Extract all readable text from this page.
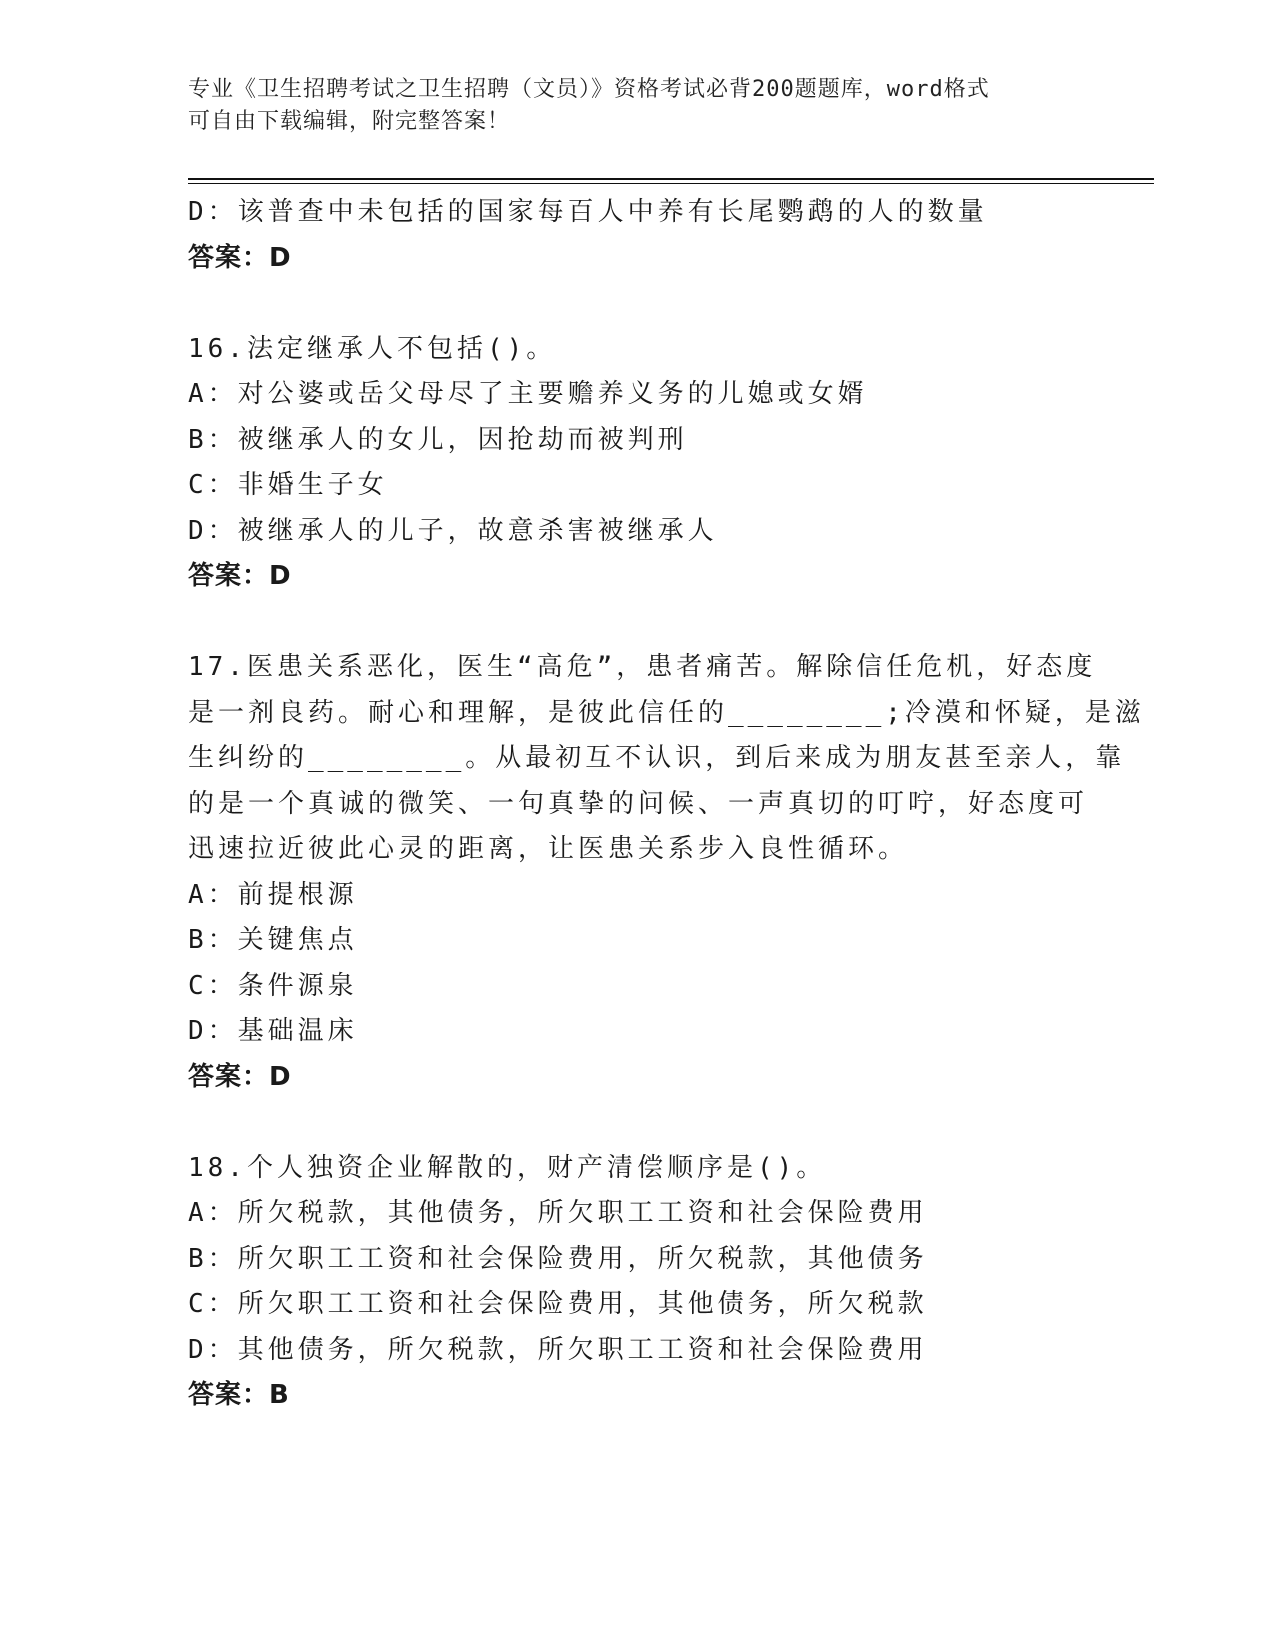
专业《卫生招聘考试之卫生招聘（文员）》资格考试必背200题题库，word格式
可自由下载编辑，附完整答案！
D：该普查中未包括的国家每百人中养有长尾鹦鹉的人的数量
答案：D
16.法定继承人不包括()。
A：对公婆或岳父母尽了主要赡养义务的儿媳或女婿
B：被继承人的女儿，因抢劫而被判刑
C：非婚生子女
D：被继承人的儿子，故意杀害被继承人
答案：D
17.医患关系恶化，医生“高危”，患者痛苦。解除信任危机，好态度
是一剂良药。耐心和理解，是彼此信任的________;冷漠和怀疑，是滋
生纠纷的________。从最初互不认识，到后来成为朋友甚至亲人，靠
的是一个真诚的微笑、一句真挚的问候、一声真切的叮咛，好态度可
迅速拉近彼此心灵的距离，让医患关系步入良性循环。
A：前提根源
B：关键焦点
C：条件源泉
D：基础温床
答案：D
18.个人独资企业解散的，财产清偿顺序是()。
A：所欠税款，其他债务，所欠职工工资和社会保险费用
B：所欠职工工资和社会保险费用，所欠税款，其他债务
C：所欠职工工资和社会保险费用，其他债务，所欠税款
D：其他债务，所欠税款，所欠职工工资和社会保险费用
答案：B
